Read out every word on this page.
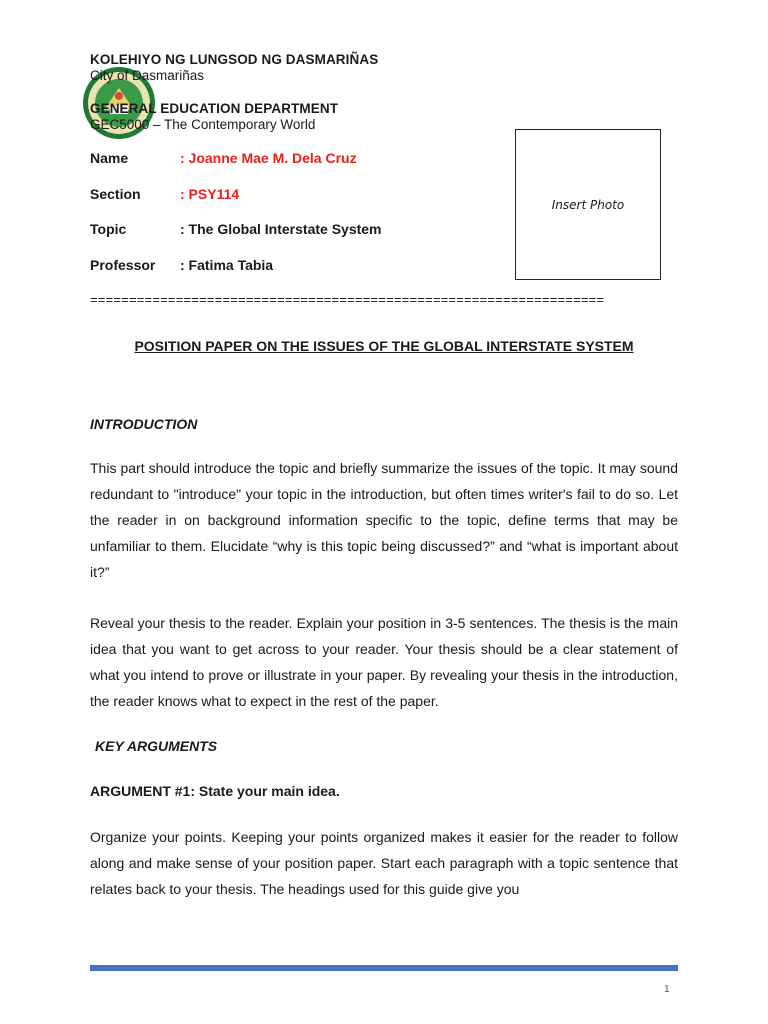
KOLEHIYO NG LUNGSOD NG DASMARIÑAS
City of Dasmariñas
GENERAL EDUCATION DEPARTMENT
GEC5000 – The Contemporary World
Name	: Joanne Mae M. Dela Cruz
Section	: PSY114
Topic	: The Global Interstate System
Professor : Fatima Tabia
Insert Photo
==================================================================
POSITION PAPER ON THE ISSUES OF THE GLOBAL INTERSTATE SYSTEM
INTRODUCTION
This part should introduce the topic and briefly summarize the issues of the topic. It may sound redundant to "introduce" your topic in the introduction, but often times writer's fail to do so. Let the reader in on background information specific to the topic, define terms that may be unfamiliar to them. Elucidate “why is this topic being discussed?” and “what is important about it?”
Reveal your thesis to the reader. Explain your position in 3-5 sentences. The thesis is the main idea that you want to get across to your reader. Your thesis should be a clear statement of what you intend to prove or illustrate in your paper. By revealing your thesis in the introduction, the reader knows what to expect in the rest of the paper.
KEY ARGUMENTS
ARGUMENT #1: State your main idea.
Organize your points. Keeping your points organized makes it easier for the reader to follow along and make sense of your position paper. Start each paragraph with a topic sentence that relates back to your thesis. The headings used for this guide give you
1
